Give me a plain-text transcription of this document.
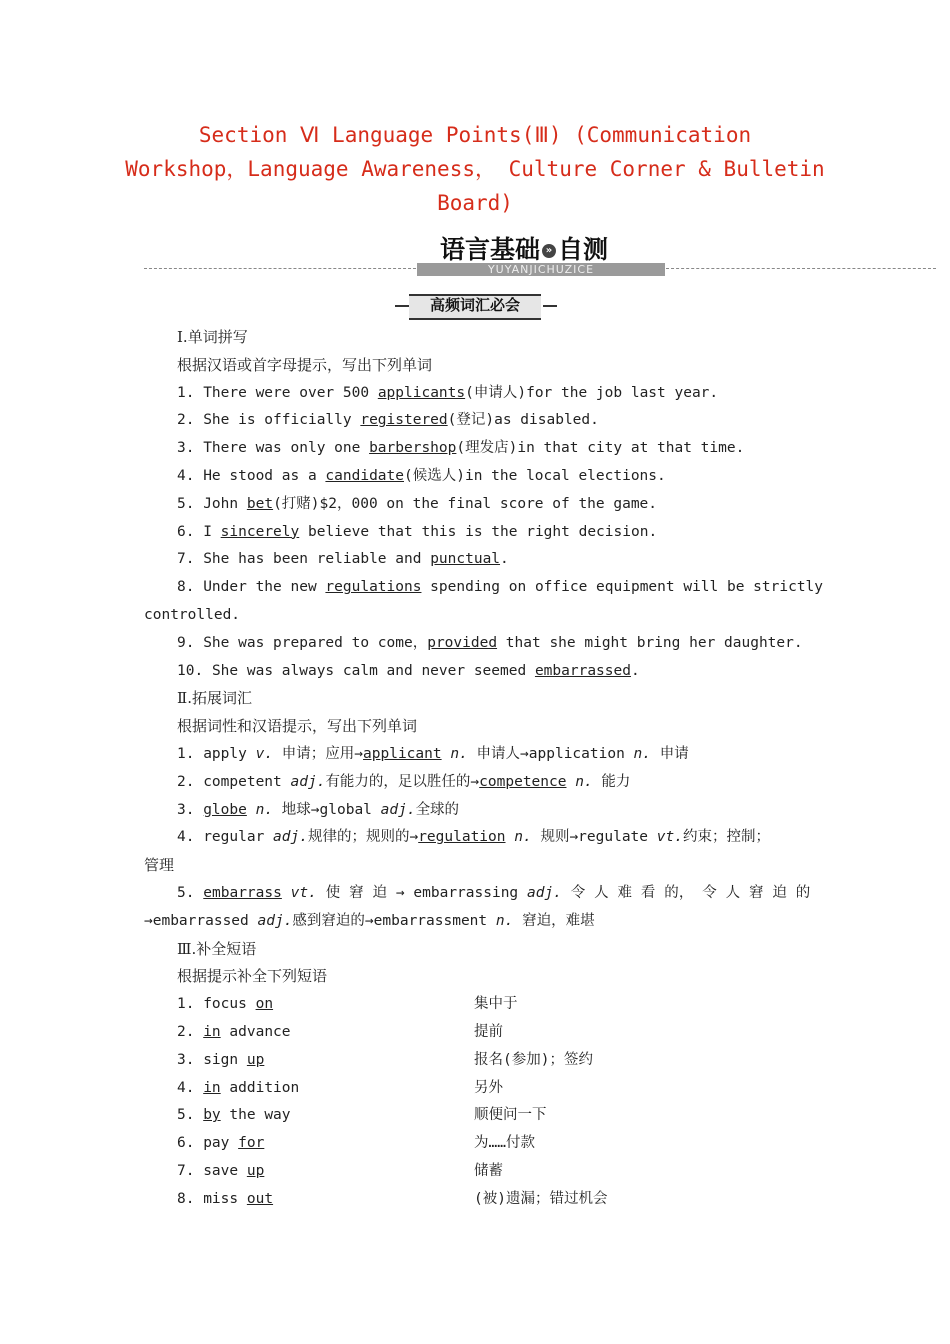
Section Ⅵ Language Points(Ⅲ) (Communication
Workshop，Language Awareness， Culture Corner & Bulletin
Board)
YUYANJICHUZICE
语言基础 » 自测
高频词汇必会
Ⅰ.单词拼写
根据汉语或首字母提示，写出下列单词
1. There were over 500 applicants(申请人)for the job last year.
2. She is officially registered(登记)as disabled.
3. There was only one barbershop(理发店)in that city at that time.
4. He stood as a candidate(候选人)in the local elections.
5. John bet(打赌)$2，000 on the final score of the game.
6. I sincerely believe that this is the right decision.
7. She has been reliable and punctual.
8. Under the new regulations spending on office equipment will be strictly
controlled.
9. She was prepared to come，provided that she might bring her daughter.
10. She was always calm and never seemed embarrassed.
Ⅱ.拓展词汇
根据词性和汉语提示，写出下列单词
1. apply v. 申请；应用→applicant n. 申请人→application n. 申请
2. competent adj.有能力的，足以胜任的→competence n. 能力
3. globe n. 地球→global adj.全球的
4. regular adj.规律的；规则的→regulation n. 规则→regulate vt.约束；控制；
管理
5. embarrass vt. 使 窘 迫 → embarrassing adj. 令 人 难 看 的， 令 人 窘 迫 的
→embarrassed adj.感到窘迫的→embarrassment n. 窘迫，难堪
Ⅲ.补全短语
根据提示补全下列短语
1. focus on	集中于
2. in advance	提前
3. sign up	报名(参加)；签约
4. in addition	另外
5. by the way	顺便问一下
6. pay for	为……付款
7. save up	储蓄
8. miss out	(被)遗漏；错过机会
